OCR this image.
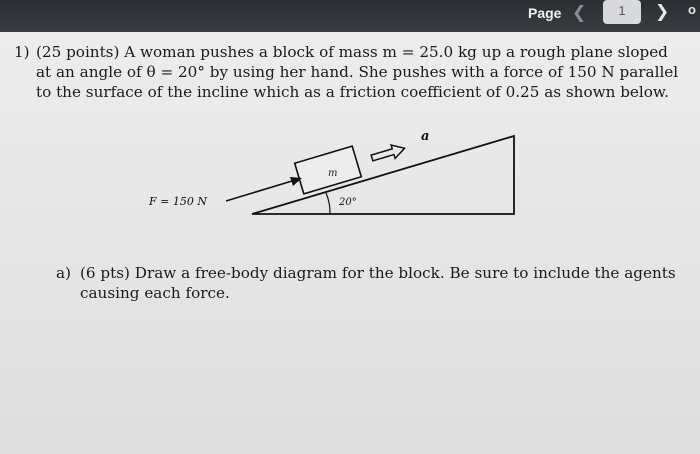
Page ❮	1	❯ o
1) (25 points) A woman pushes a block of mass m = 25.0 kg up a rough plane sloped at an angle of θ = 20° by using her hand. She pushes with a force of 150 N parallel to the surface of the incline which as a friction coefficient of 0.25 as shown below.
m
F = 150 N	20°
a
a) (6 pts) Draw a free-body diagram for the block. Be sure to include the agents causing each force.
